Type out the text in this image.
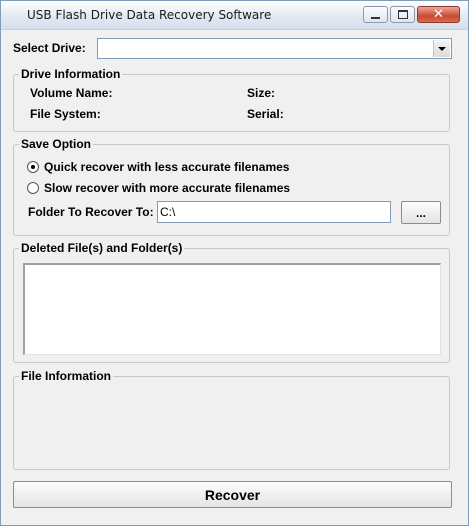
USB Flash Drive Data Recovery Software	✕
Select Drive:
Drive Information
Volume Name:	Size:
File System:	Serial:
Save Option
Quick recover with less accurate filenames
Slow recover with more accurate filenames
Folder To Recover To: C:\	...
Deleted File(s) and Folder(s)
File Information
Recover
